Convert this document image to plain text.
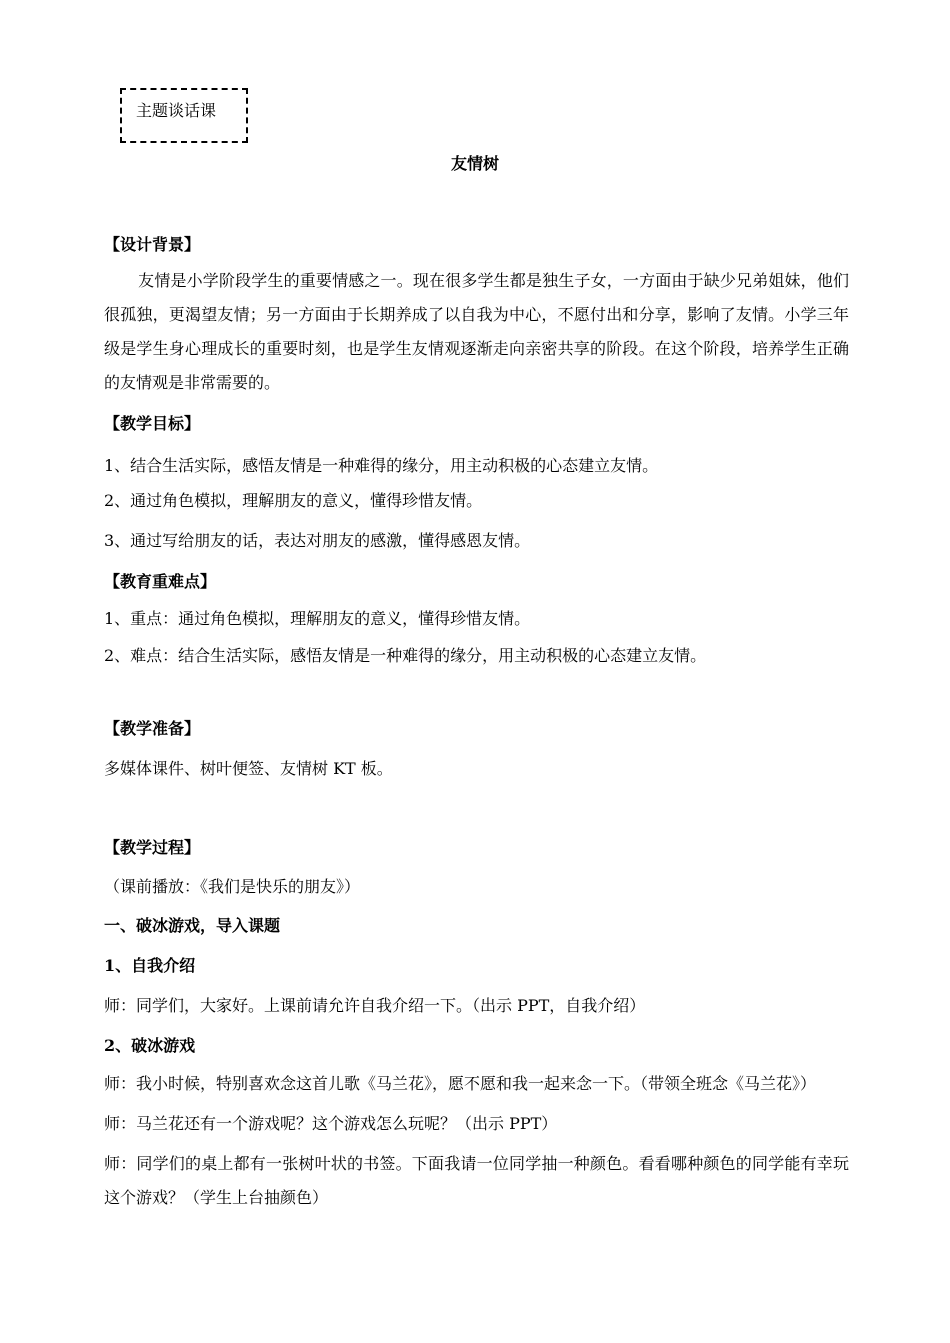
主题谈话课
友情树
【设计背景】
友情是小学阶段学生的重要情感之一。现在很多学生都是独生子女，一方面由于缺少兄弟姐妹，他们很孤独，更渴望友情；另一方面由于长期养成了以自我为中心，不愿付出和分享，影响了友情。小学三年级是学生身心理成长的重要时刻，也是学生友情观逐渐走向亲密共享的阶段。在这个阶段，培养学生正确的友情观是非常需要的。
【教学目标】
1、结合生活实际，感悟友情是一种难得的缘分，用主动积极的心态建立友情。
2、通过角色模拟，理解朋友的意义，懂得珍惜友情。
3、通过写给朋友的话，表达对朋友的感激，懂得感恩友情。
【教育重难点】
1、重点：通过角色模拟，理解朋友的意义，懂得珍惜友情。
2、难点：结合生活实际，感悟友情是一种难得的缘分，用主动积极的心态建立友情。
【教学准备】
多媒体课件、树叶便签、友情树 KT 板。
【教学过程】
（课前播放：《我们是快乐的朋友》）
一、破冰游戏，导入课题
1、自我介绍
师：同学们，大家好。上课前请允许自我介绍一下。（出示 PPT，自我介绍）
2、破冰游戏
师：我小时候，特别喜欢念这首儿歌《马兰花》，愿不愿和我一起来念一下。（带领全班念《马兰花》）
师：马兰花还有一个游戏呢？这个游戏怎么玩呢？（出示 PPT）
师：同学们的桌上都有一张树叶状的书签。下面我请一位同学抽一种颜色。看看哪种颜色的同学能有幸玩这个游戏？（学生上台抽颜色）
